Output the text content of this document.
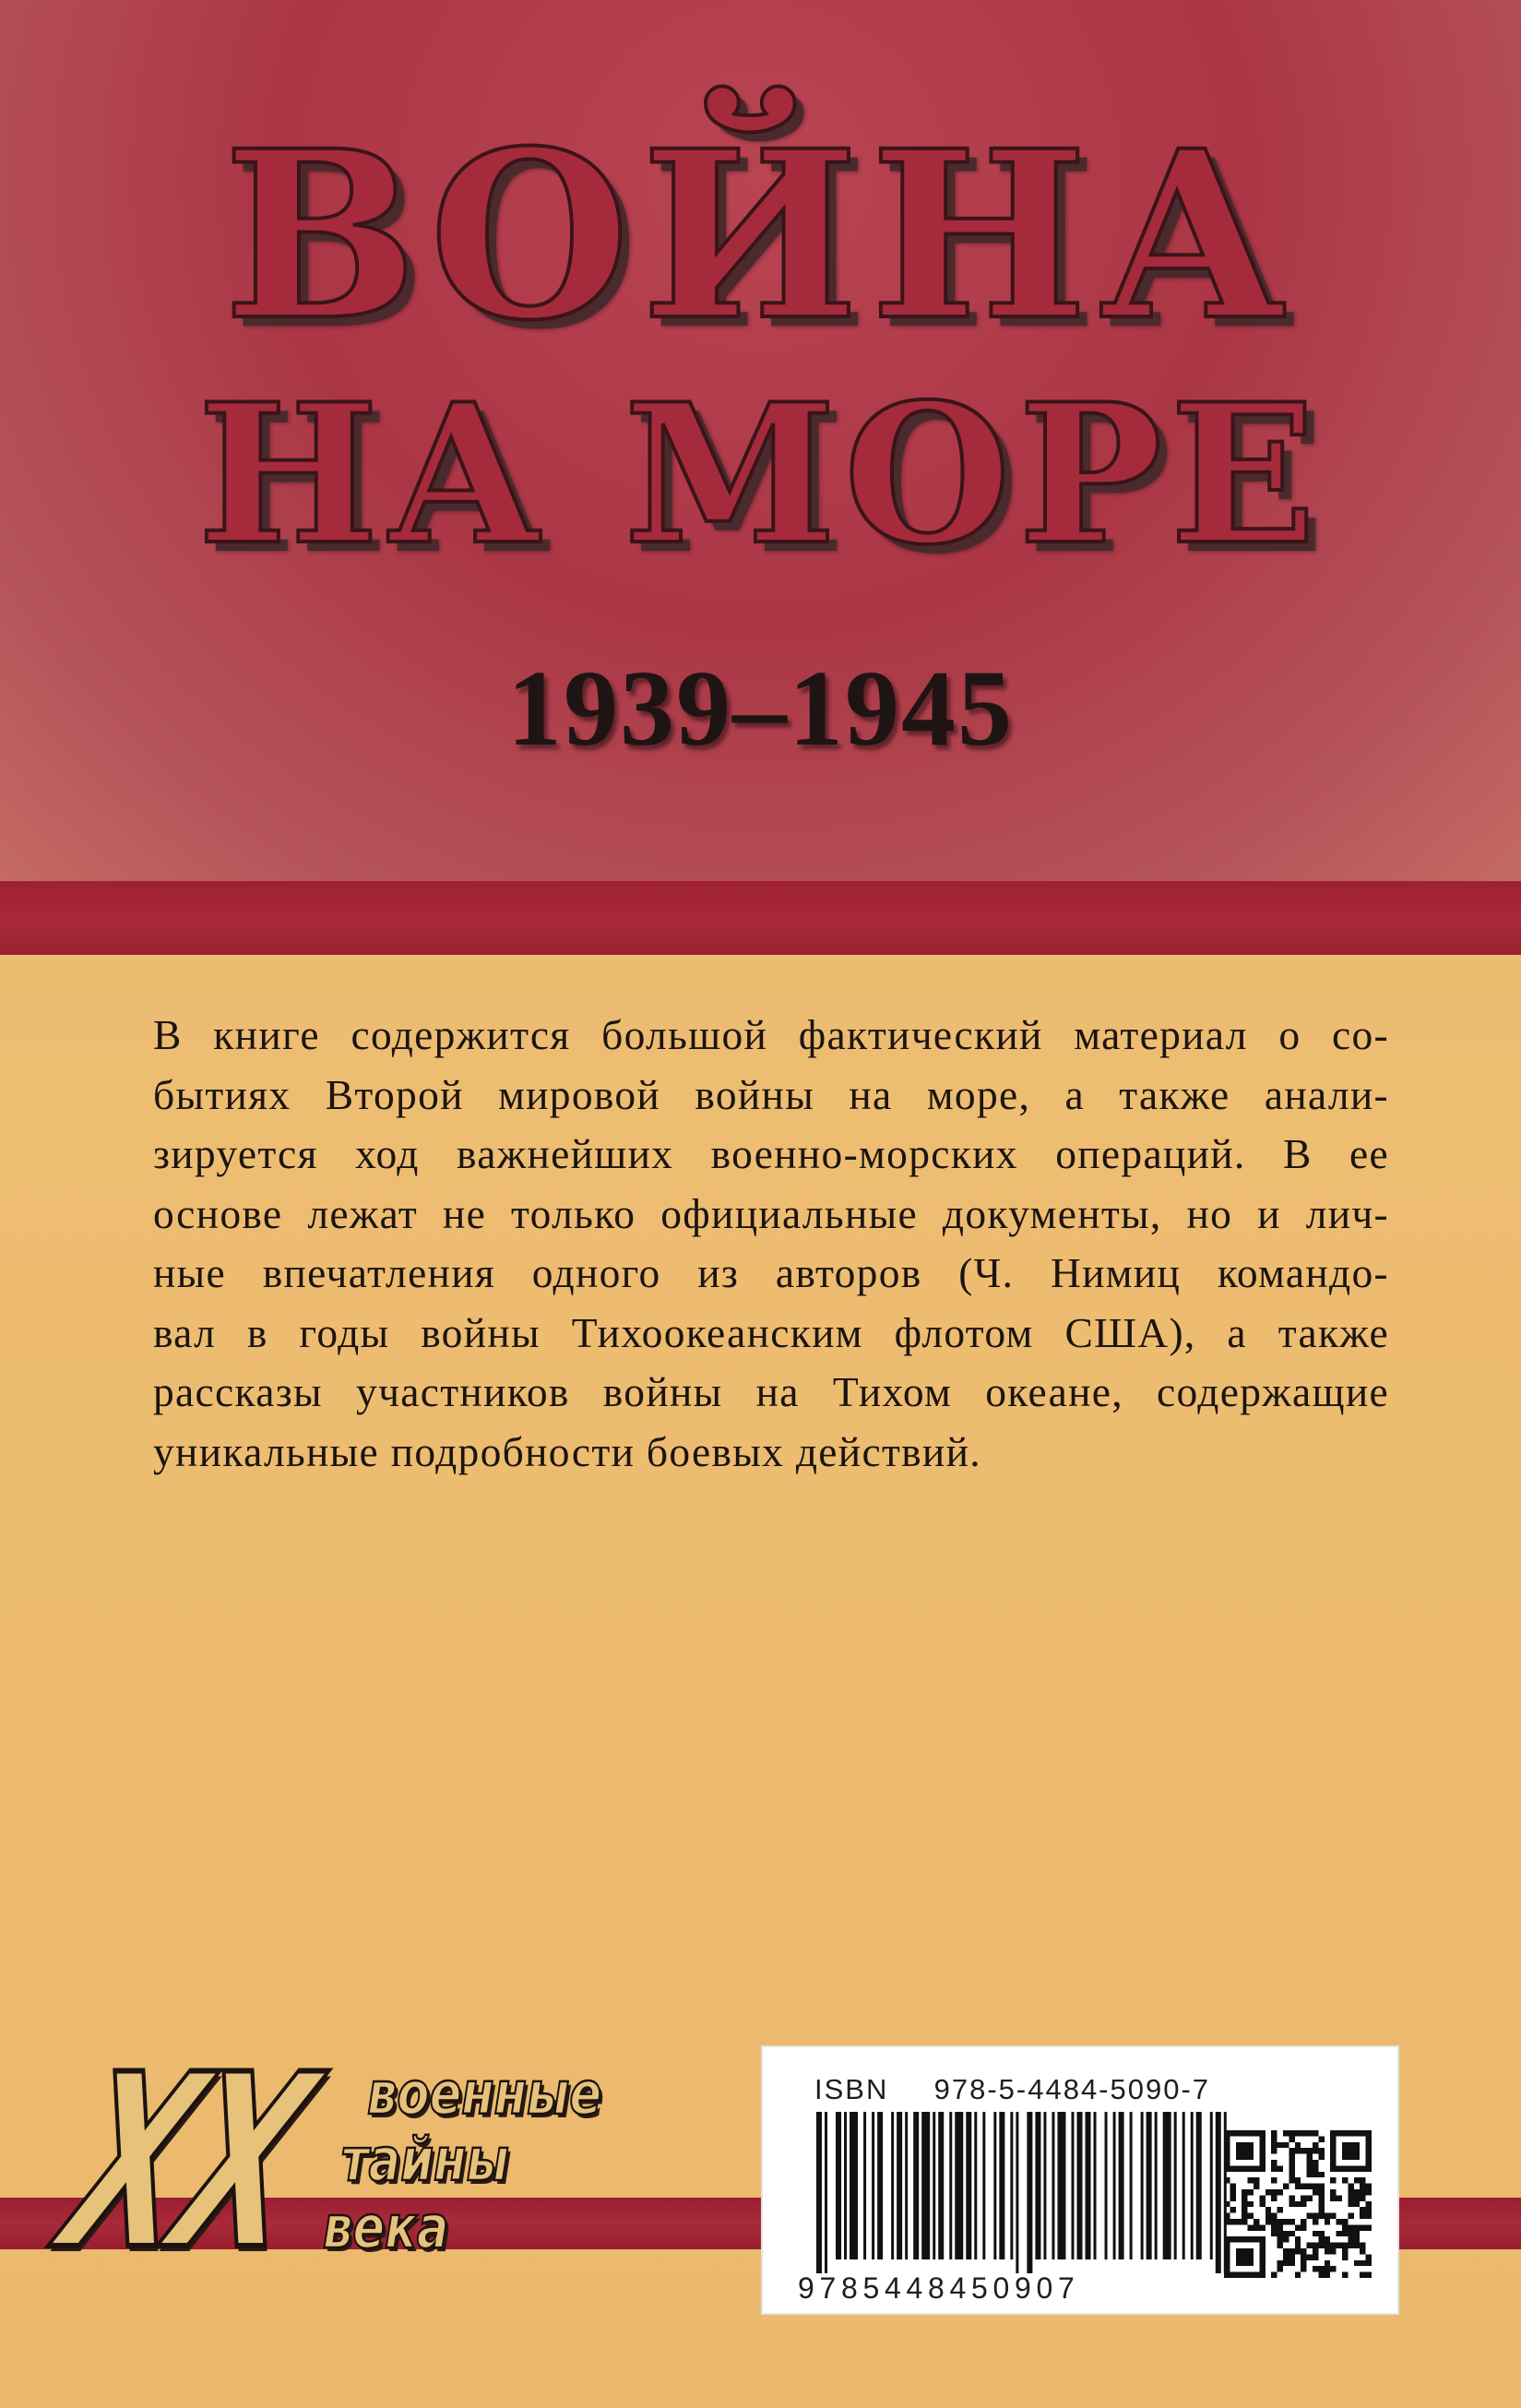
ВОЙНА
НА МОРЕ
1939–1945
В книге содержится большой фактический материал о со-
бытиях Второй мировой войны на море, а также анали-
зируется ход важнейших военно-морских операций. В ее
основе лежат не только официальные документы, но и лич-
ные впечатления одного из авторов (Ч. Нимиц командо-
вал в годы войны Тихоокеанским флотом США), а также
рассказы участников войны на Тихом океане, содержащие
уникальные подробности боевых действий.
XX военные
тайны
века

ISBN 978-5-4484-5090-7

9785448450907
